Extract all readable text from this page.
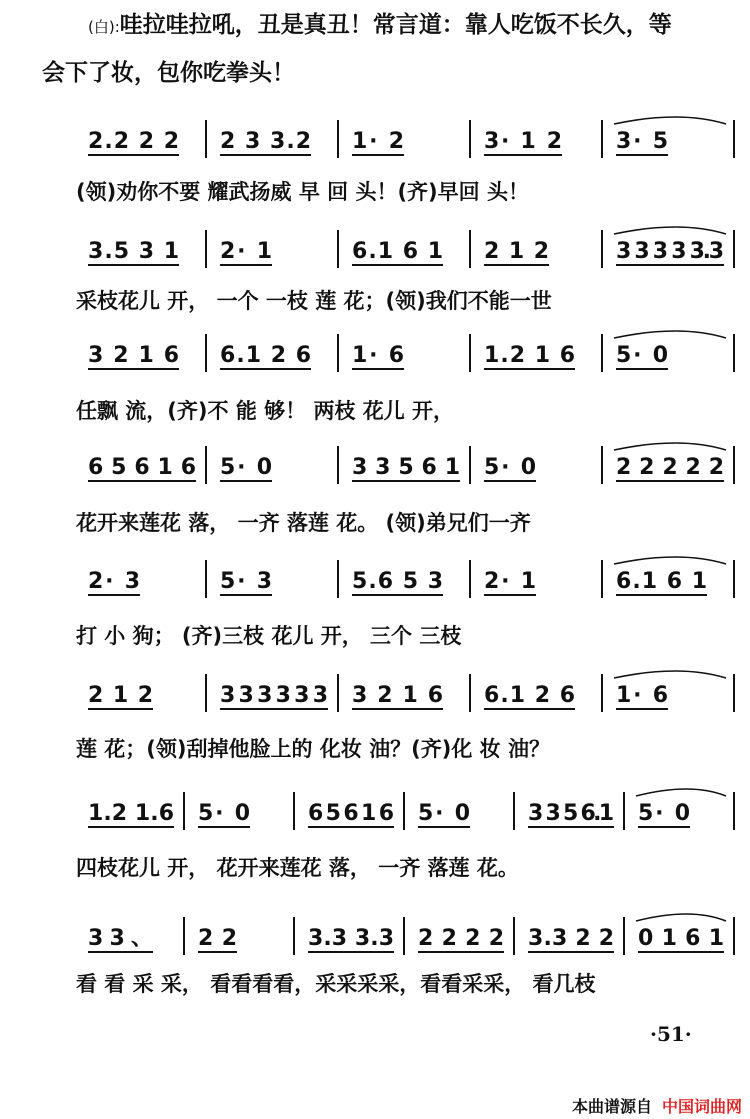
(白):哇拉哇拉吼，丑是真丑！常言道：靠人吃饭不长久，等
会下了妆，包你吃拳头！
2.2 2 2 2 3 3.2 1· 2	3· 1 2 3· 5
(领)劝你不要 耀武扬威 早 回 头！(齐)早回 头！
3.5 3 1 2· 1	6.1 6 1 2 1 2	3 3 3 3 3.3
采枝花儿 开， 一个 一枝 莲 花；(领)我们不能一世
3 2 1 6 6.1 2 6 1· 6	1.2 1 6 5· 0
任飘 流，(齐)不 能 够！ 两枝 花儿 开，
6 5 6 1 6 5· 0	3 3 5 6 1 5· 0	2 2 2 2 2
花开来莲花 落， 一齐 落莲 花。 (领)弟兄们一齐
2· 3	5· 3	5.6 5 3 2· 1	6.1 6 1
打 小 狗； (齐)三枝 花儿 开， 三个 三枝
2 1 2	3 3 3 3 3 3 3 2 1 6 6.1 2 6 1· 6
莲 花；(领)刮掉他脸上的 化妆 油？(齐)化 妆 油？
1.2 1.6 5· 0	6 5 6 1 6 5· 0	3 3 5 6.1 5· 0
四枝花儿 开， 花开来莲花 落， 一齐 落莲 花。
3 3 、 2 2	3.3 3.3 2 2 2 2 3.3 2 2 0 1 6 1
看 看 采 采， 看看看看，采采采采，看看采采， 看几枝
·51·
本曲谱源自 中国词曲网
